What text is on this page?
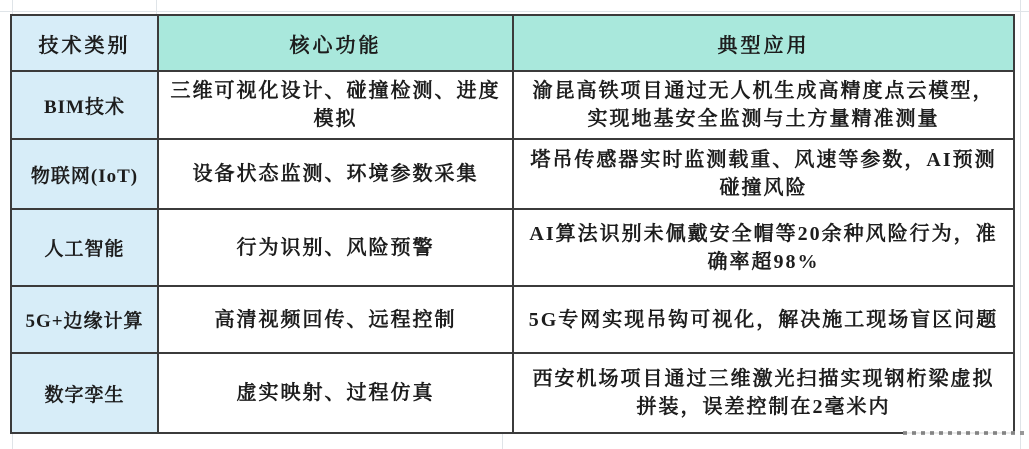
技术类别	核心功能	典型应用
BIM技术	三维可视化设计、碰撞检测、进度模拟	渝昆高铁项目通过无人机生成高精度点云模型，实现地基安全监测与土方量精准测量
物联网(IoT)	设备状态监测、环境参数采集	塔吊传感器实时监测载重、风速等参数，AI预测碰撞风险
人工智能	行为识别、风险预警	AI算法识别未佩戴安全帽等20余种风险行为，准确率超98%
5G+边缘计算	高清视频回传、远程控制	5G专网实现吊钩可视化，解决施工现场盲区问题
数字孪生	虚实映射、过程仿真	西安机场项目通过三维激光扫描实现钢桁梁虚拟拼装，误差控制在2毫米内
